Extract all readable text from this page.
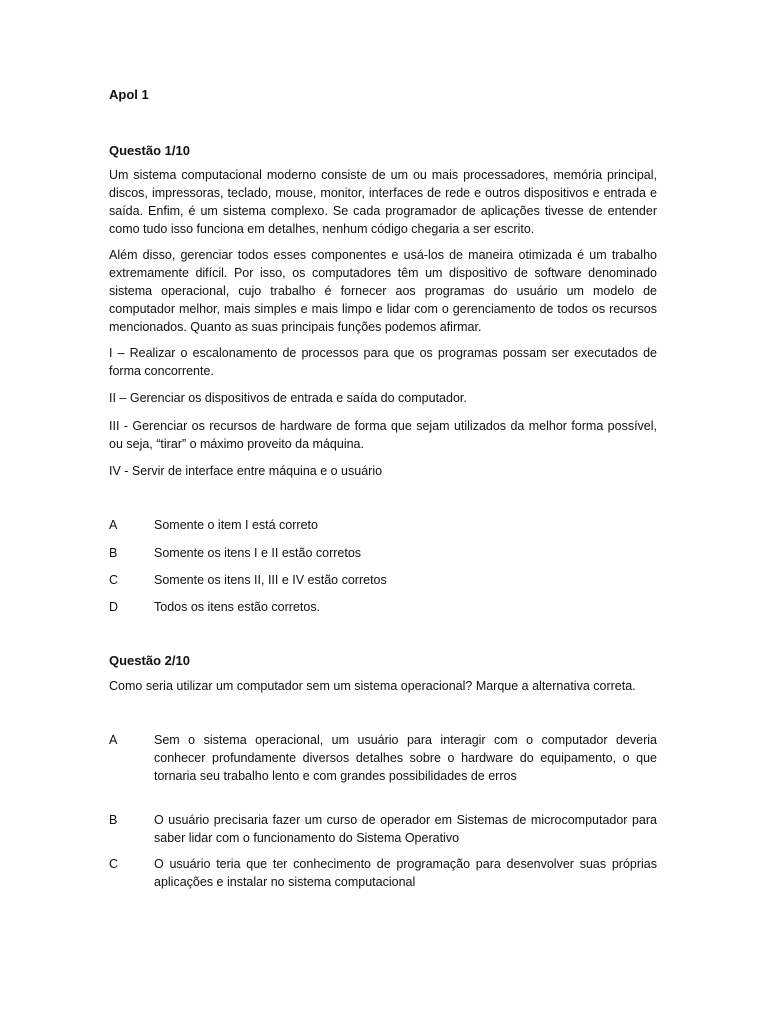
Apol 1
Questão 1/10

Um sistema computacional moderno consiste de um ou mais processadores, memória principal, discos, impressoras, teclado, mouse, monitor, interfaces de rede e outros dispositivos e entrada e saída. Enfim, é um sistema complexo. Se cada programador de aplicações tivesse de entender como tudo isso funciona em detalhes, nenhum código chegaria a ser escrito.

Além disso, gerenciar todos esses componentes e usá-los de maneira otimizada é um trabalho extremamente difícil. Por isso, os computadores têm um dispositivo de software denominado sistema operacional, cujo trabalho é fornecer aos programas do usuário um modelo de computador melhor, mais simples e mais limpo e lidar com o gerenciamento de todos os recursos mencionados. Quanto as suas principais funções podemos afirmar.

I – Realizar o escalonamento de processos para que os programas possam ser executados de forma concorrente.

II – Gerenciar os dispositivos de entrada e saída do computador.

III - Gerenciar os recursos de hardware de forma que sejam utilizados da melhor forma possível, ou seja, “tirar” o máximo proveito da máquina.

IV - Servir de interface entre máquina e o usuário

A	Somente o item I está correto
B	Somente os itens I e II estão corretos
C	Somente os itens II, III e IV estão corretos
D	Todos os itens estão corretos.
Questão 2/10

Como seria utilizar um computador sem um sistema operacional? Marque a alternativa correta.

A	Sem o sistema operacional, um usuário para interagir com o computador deveria conhecer profundamente diversos detalhes sobre o hardware do equipamento, o que tornaria seu trabalho lento e com grandes possibilidades de erros
B	O usuário precisaria fazer um curso de operador em Sistemas de microcomputador para saber lidar com o funcionamento do Sistema Operativo
C	O usuário teria que ter conhecimento de programação para desenvolver suas próprias aplicações e instalar no sistema computacional
